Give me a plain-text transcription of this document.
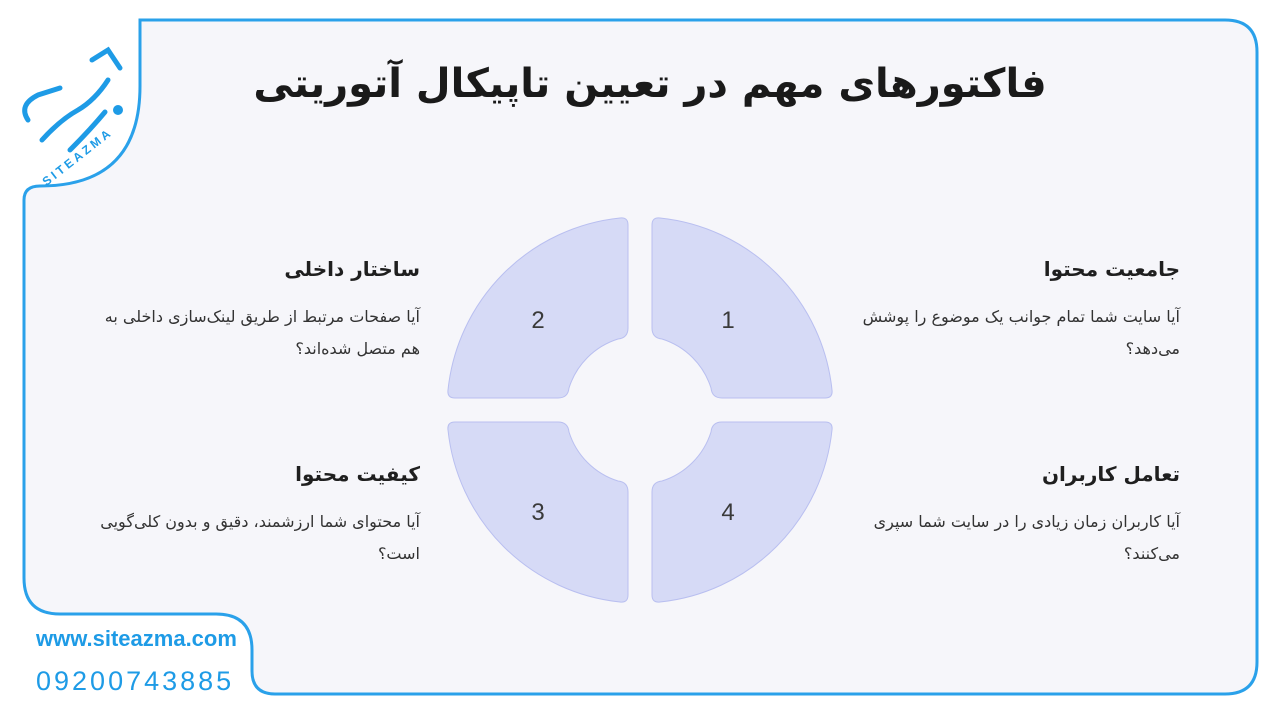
SITEAZMA
فاکتورهای مهم در تعیین تاپیکال آتوریتی
1
2
3	4
جامعیت محتوا

آیا سایت شما تمام جوانب یک موضوع را پوشش می‌دهد؟

ساختار داخلی

آیا صفحات مرتبط از طریق لینک‌سازی داخلی به هم متصل شده‌اند؟

کیفیت محتوا

آیا محتوای شما ارزشمند، دقیق و بدون کلی‌گویی است؟

تعامل کاربران

آیا کاربران زمان زیادی را در سایت شما سپری می‌کنند؟

www.siteazma.com
09200743885
